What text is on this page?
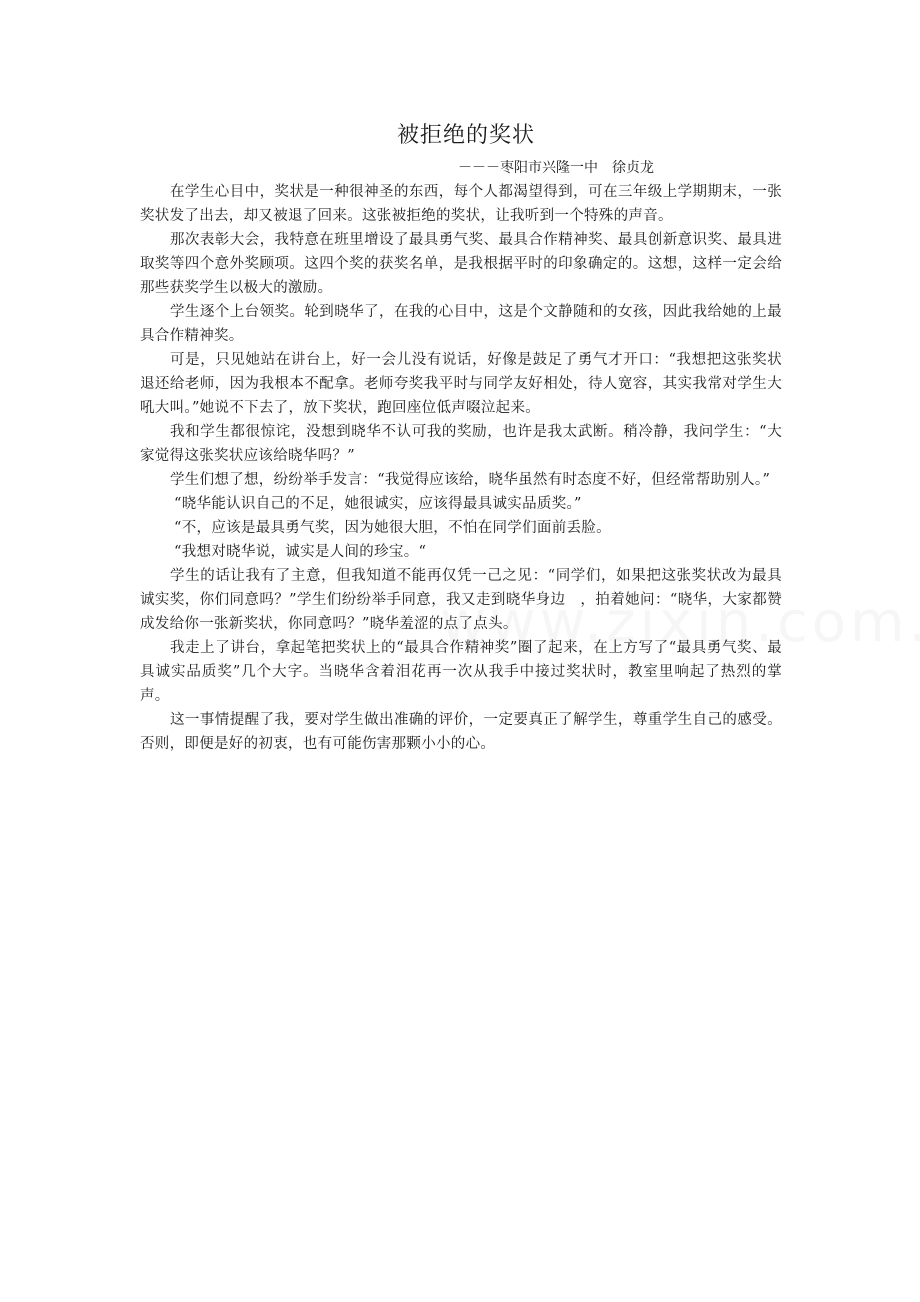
被拒绝的奖状

－－－枣阳市兴隆一中　徐贞龙

在学生心目中，奖状是一种很神圣的东西，每个人都渴望得到，可在三年级上学期期末，一张奖状发了出去，却又被退了回来。这张被拒绝的奖状，让我听到一个特殊的声音。

那次表彰大会，我特意在班里增设了最具勇气奖、最具合作精神奖、最具创新意识奖、最具进取奖等四个意外奖顾项。这四个奖的获奖名单，是我根据平时的印象确定的。这想，这样一定会给那些获奖学生以极大的激励。

学生逐个上台领奖。轮到晓华了，在我的心目中，这是个文静随和的女孩，因此我给她的上最具合作精神奖。

可是，只见她站在讲台上，好一会儿没有说话，好像是鼓足了勇气才开口：“我想把这张奖状退还给老师，因为我根本不配拿。老师夸奖我平时与同学友好相处，待人宽容，其实我常对学生大吼大叫。”她说不下去了，放下奖状，跑回座位低声啜泣起来。

我和学生都很惊诧，没想到晓华不认可我的奖励，也许是我太武断。稍冷静，我问学生：“大家觉得这张奖状应该给晓华吗？”

学生们想了想，纷纷举手发言：“我觉得应该给，晓华虽然有时态度不好，但经常帮助别人。”

“晓华能认识自己的不足，她很诚实，应该得最具诚实品质奖。”

“不，应该是最具勇气奖，因为她很大胆，不怕在同学们面前丢脸。

“我想对晓华说，诚实是人间的珍宝。“

学生的话让我有了主意，但我知道不能再仅凭一己之见：“同学们，如果把这张奖状改为最具诚实奖，你们同意吗？”学生们纷纷举手同意，我又走到晓华身边　，拍着她问：“晓华，大家都赞成发给你一张新奖状，你同意吗？”晓华羞涩的点了点头。

我走上了讲台，拿起笔把奖状上的“最具合作精神奖”圈了起来，在上方写了“最具勇气奖、最具诚实品质奖”几个大字。当晓华含着泪花再一次从我手中接过奖状时，教室里响起了热烈的掌声。

这一事情提醒了我，要对学生做出准确的评价，一定要真正了解学生，尊重学生自己的感受。否则，即便是好的初衷，也有可能伤害那颗小小的心。
